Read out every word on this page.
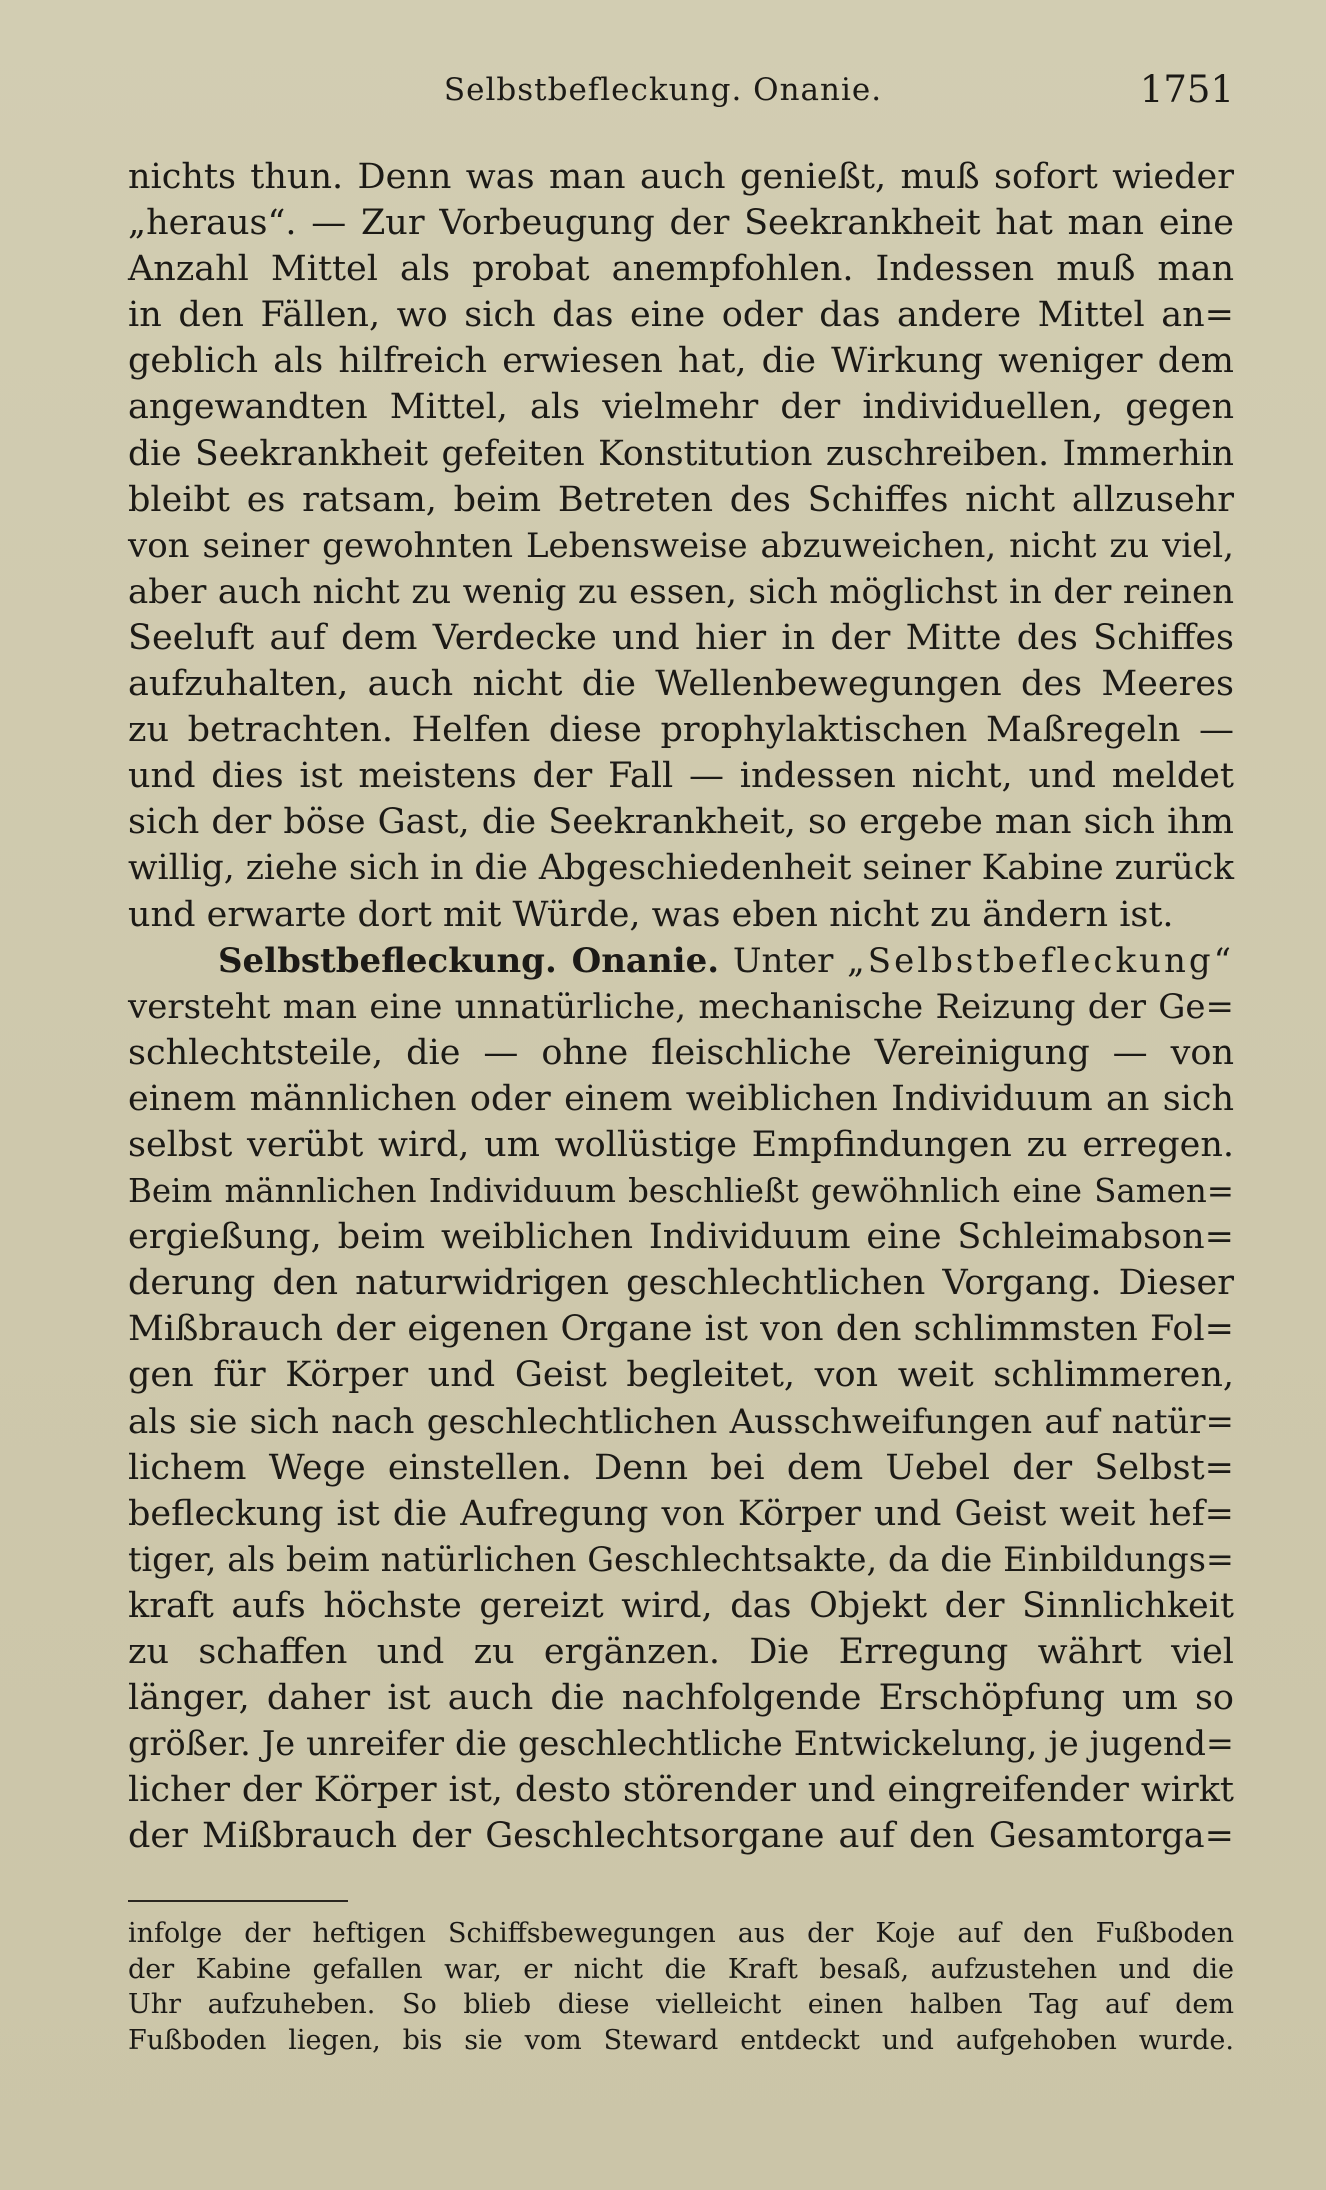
Selbstbefleckung. Onanie.	1751
nichts thun. Denn was man auch genießt, muß sofort wieder
„heraus“. — Zur Vorbeugung der Seekrankheit hat man eine
Anzahl Mittel als probat anempfohlen. Indessen muß man
in den Fällen, wo sich das eine oder das andere Mittel an=
geblich als hilfreich erwiesen hat, die Wirkung weniger dem
angewandten Mittel, als vielmehr der individuellen, gegen
die Seekrankheit gefeiten Konstitution zuschreiben. Immerhin
bleibt es ratsam, beim Betreten des Schiffes nicht allzusehr
von seiner gewohnten Lebensweise abzuweichen, nicht zu viel,
aber auch nicht zu wenig zu essen, sich möglichst in der reinen
Seeluft auf dem Verdecke und hier in der Mitte des Schiffes
aufzuhalten, auch nicht die Wellenbewegungen des Meeres
zu betrachten. Helfen diese prophylaktischen Maßregeln —
und dies ist meistens der Fall — indessen nicht, und meldet
sich der böse Gast, die Seekrankheit, so ergebe man sich ihm
willig, ziehe sich in die Abgeschiedenheit seiner Kabine zurück
und erwarte dort mit Würde, was eben nicht zu ändern ist.
Selbstbefleckung. Onanie. Unter „Selbstbefleckung“
versteht man eine unnatürliche, mechanische Reizung der Ge=
schlechtsteile, die — ohne fleischliche Vereinigung — von
einem männlichen oder einem weiblichen Individuum an sich
selbst verübt wird, um wollüstige Empfindungen zu erregen.
Beim männlichen Individuum beschließt gewöhnlich eine Samen=
ergießung, beim weiblichen Individuum eine Schleimabson=
derung den naturwidrigen geschlechtlichen Vorgang. Dieser
Mißbrauch der eigenen Organe ist von den schlimmsten Fol=
gen für Körper und Geist begleitet, von weit schlimmeren,
als sie sich nach geschlechtlichen Ausschweifungen auf natür=
lichem Wege einstellen. Denn bei dem Uebel der Selbst=
befleckung ist die Aufregung von Körper und Geist weit hef=
tiger, als beim natürlichen Geschlechtsakte, da die Einbildungs=
kraft aufs höchste gereizt wird, das Objekt der Sinnlichkeit
zu schaffen und zu ergänzen. Die Erregung währt viel
länger, daher ist auch die nachfolgende Erschöpfung um so
größer. Je unreifer die geschlechtliche Entwickelung, je jugend=
licher der Körper ist, desto störender und eingreifender wirkt
der Mißbrauch der Geschlechtsorgane auf den Gesamtorga=
infolge der heftigen Schiffsbewegungen aus der Koje auf den Fußboden
der Kabine gefallen war, er nicht die Kraft besaß, aufzustehen und die
Uhr aufzuheben. So blieb diese vielleicht einen halben Tag auf dem
Fußboden liegen, bis sie vom Steward entdeckt und aufgehoben wurde.
